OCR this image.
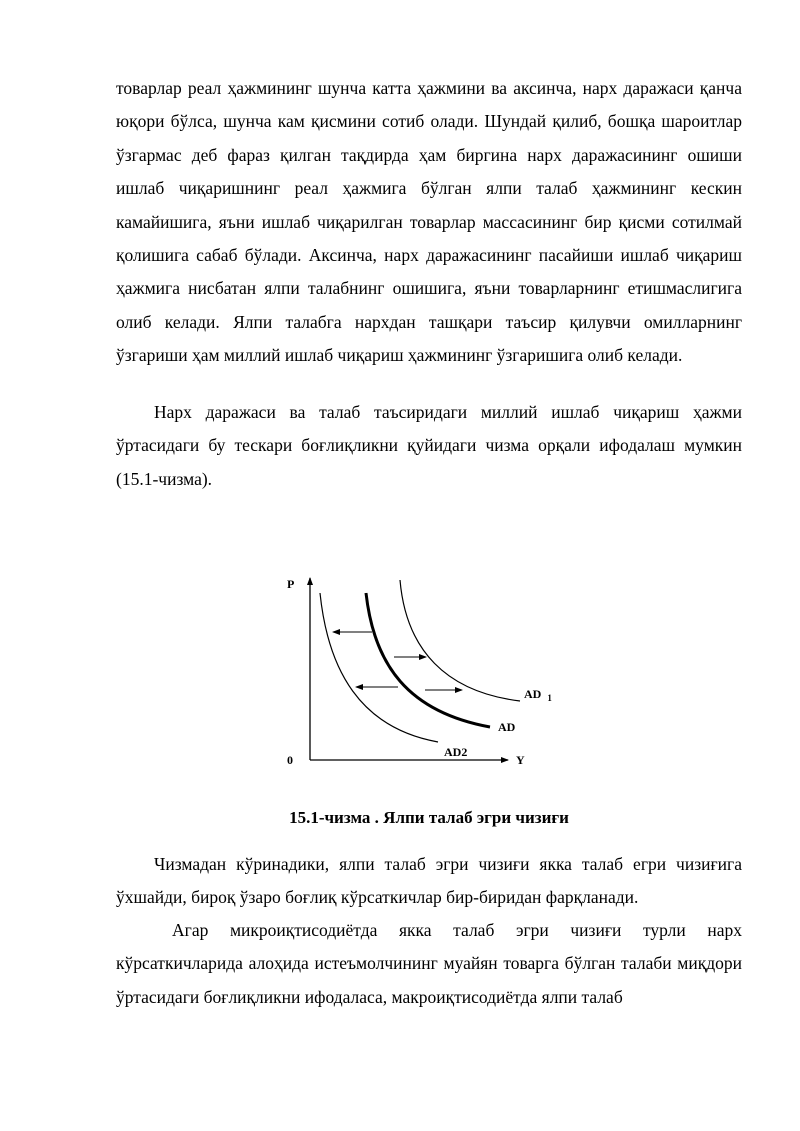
товарлар реал ҳажмининг шунча катта ҳажмини ва аксинча, нарх даражаси қанча юқори бўлса, шунча кам қисмини сотиб олади. Шундай қилиб, бошқа шароитлар ўзгармас деб фараз қилган тақдирда ҳам биргина нарх даражасининг ошиши ишлаб чиқаришнинг реал ҳажмига бўлган ялпи талаб ҳажмининг кескин камайишига, яъни ишлаб чиқарилган товарлар массасининг бир қисми сотилмай қолишига сабаб бўлади. Аксинча, нарх даражасининг пасайиши ишлаб чиқариш ҳажмига нисбатан ялпи талабнинг ошишига, яъни товарларнинг етишмаслигига олиб келади. Ялпи талабга нархдан ташқари таъсир қилувчи омилларнинг ўзгариши ҳам миллий ишлаб чиқариш ҳажмининг ўзгаришига олиб келади.

Нарх даражаси ва талаб таъсиридаги миллий ишлаб чиқариш ҳажми ўртасидаги бу тескари боғлиқликни қуйидаги чизма орқали ифодалаш мумкин (15.1-чизма).

P
Y
0
AD $_1$
AD
AD2

15.1-чизма . Ялпи талаб эгри чизиғи

Чизмадан кўринадики, ялпи талаб эгри чизиғи якка талаб егри чизиғига ўхшайди, бироқ ўзаро боғлиқ кўрсаткичлар бир-биридан фарқланади.

Агар микроиқтисодиётда якка талаб эгри чизиғи турли нарх кўрсаткичларида алоҳида истеъмолчининг муайян товарга бўлган талаби миқдори ўртасидаги боғлиқликни ифодаласа, макроиқтисодиётда ялпи талаб
